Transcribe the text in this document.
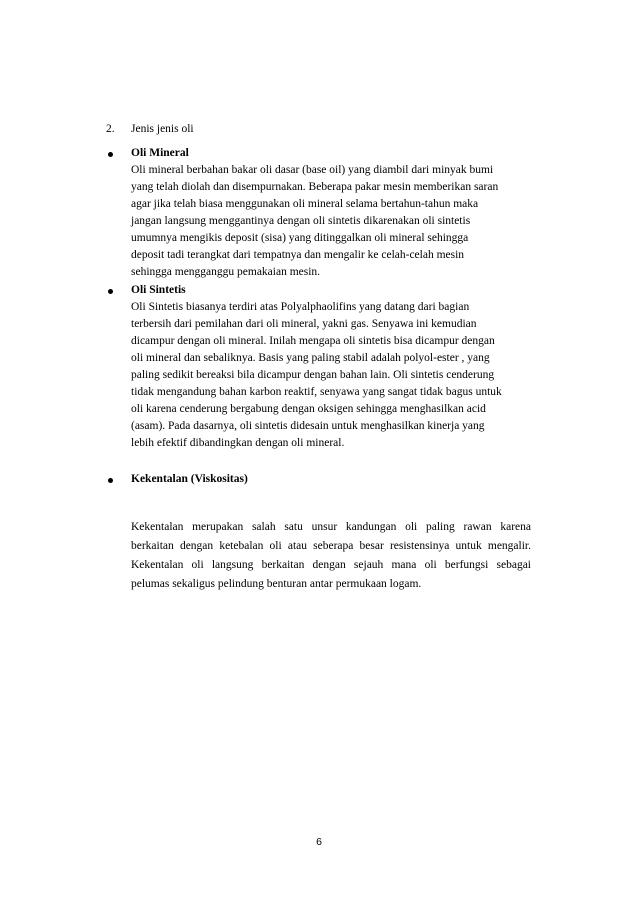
2. Jenis jenis oli
Oli Mineral
Oli mineral berbahan bakar oli dasar (base oil) yang diambil dari minyak bumi
yang telah diolah dan disempurnakan. Beberapa pakar mesin memberikan saran
agar jika telah biasa menggunakan oli mineral selama bertahun-tahun maka
jangan langsung menggantinya dengan oli sintetis dikarenakan oli sintetis
umumnya mengikis deposit (sisa) yang ditinggalkan oli mineral sehingga
deposit tadi terangkat dari tempatnya dan mengalir ke celah-celah mesin
sehingga mengganggu pemakaian mesin.
Oli Sintetis
Oli Sintetis biasanya terdiri atas Polyalphaolifins yang datang dari bagian
terbersih dari pemilahan dari oli mineral, yakni gas. Senyawa ini kemudian
dicampur dengan oli mineral. Inilah mengapa oli sintetis bisa dicampur dengan
oli mineral dan sebaliknya. Basis yang paling stabil adalah polyol-ester , yang
paling sedikit bereaksi bila dicampur dengan bahan lain. Oli sintetis cenderung
tidak mengandung bahan karbon reaktif, senyawa yang sangat tidak bagus untuk
oli karena cenderung bergabung dengan oksigen sehingga menghasilkan acid
(asam). Pada dasarnya, oli sintetis didesain untuk menghasilkan kinerja yang
lebih efektif dibandingkan dengan oli mineral.
Kekentalan (Viskositas)
Kekentalan merupakan salah satu unsur kandungan oli paling rawan karena
berkaitan dengan ketebalan oli atau seberapa besar resistensinya untuk mengalir.
Kekentalan oli langsung berkaitan dengan sejauh mana oli berfungsi sebagai
pelumas sekaligus pelindung benturan antar permukaan logam.
6
